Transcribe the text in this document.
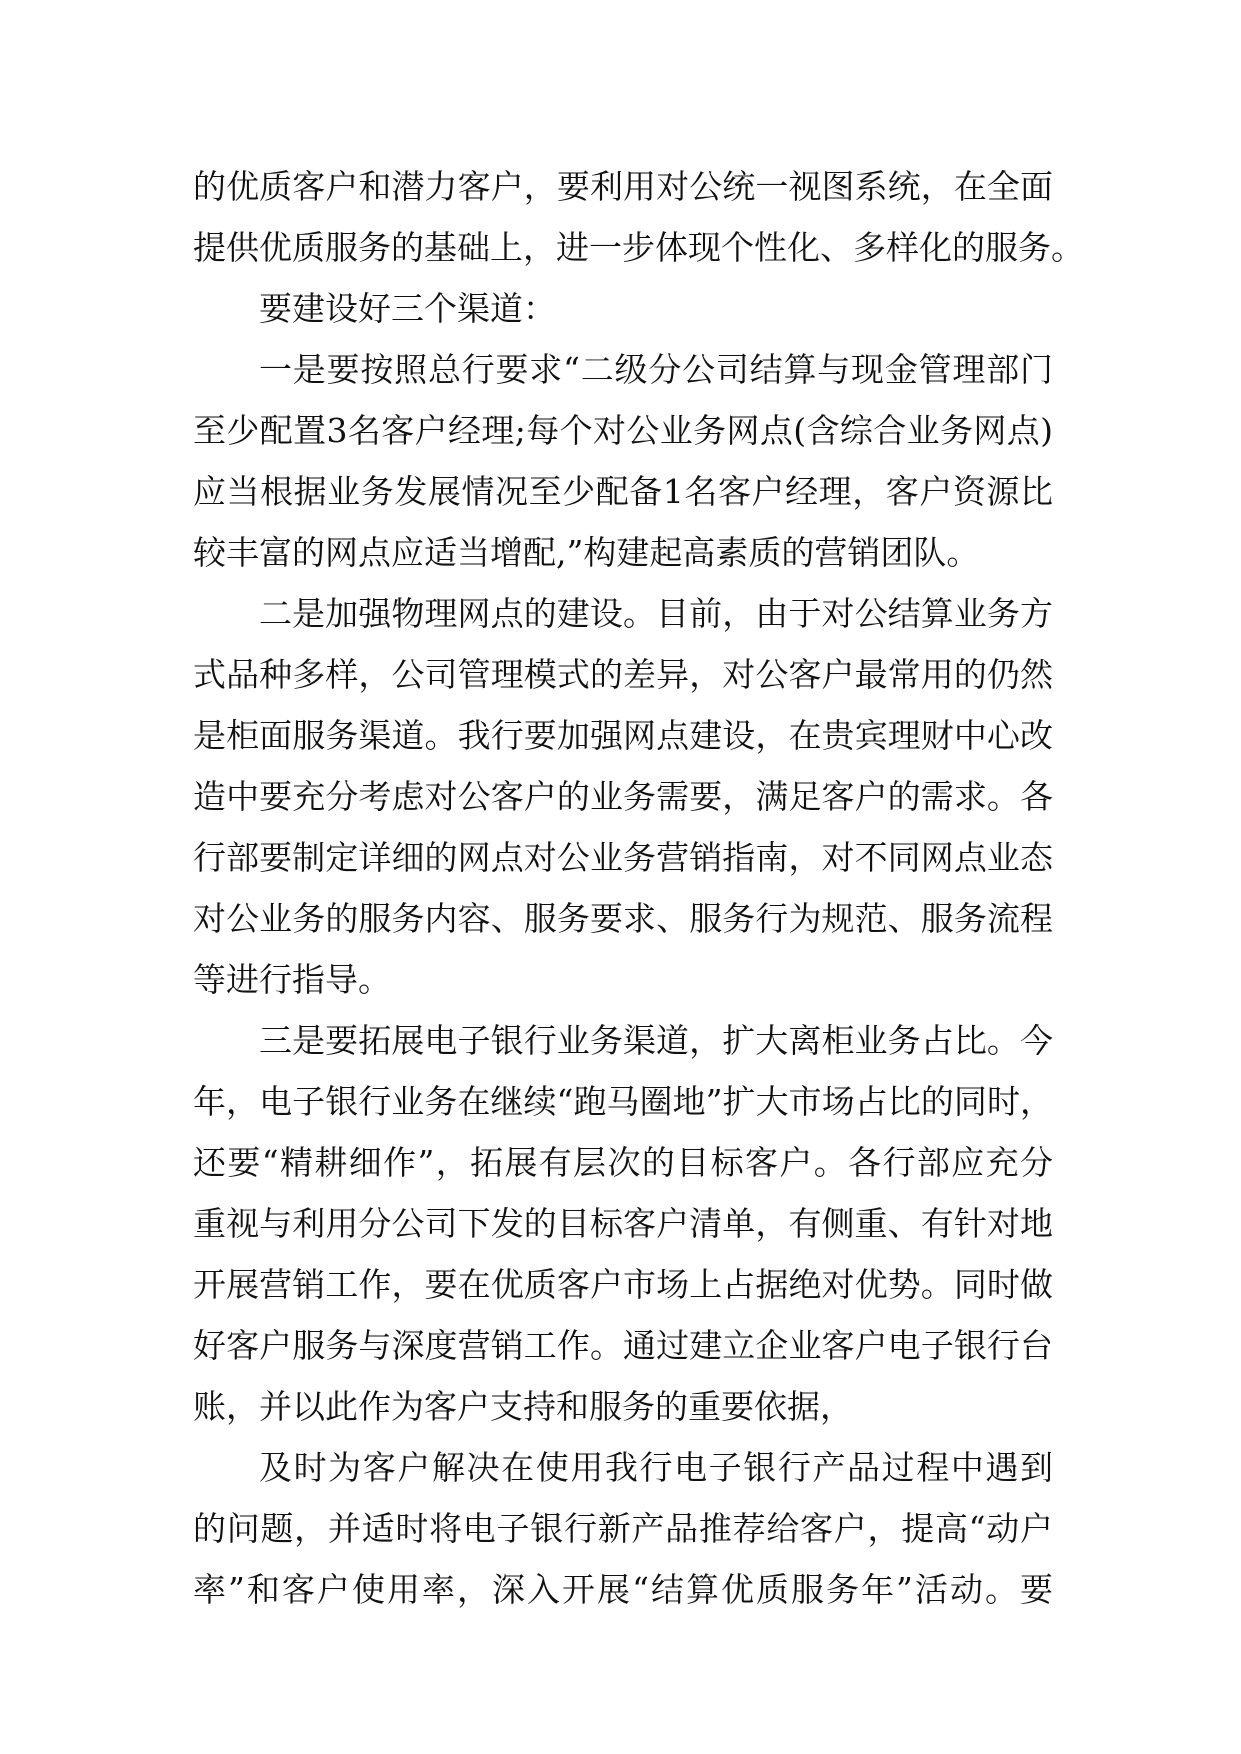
的优质客户和潜力客户，要利用对公统一视图系统，在全面
提供优质服务的基础上，进一步体现个性化、多样化的服务。
要建设好三个渠道：
一是要按照总行要求“二级分公司结算与现金管理部门
至少配置3名客户经理;每个对公业务网点(含综合业务网点)
应当根据业务发展情况至少配备1名客户经理，客户资源比
较丰富的网点应适当增配,”构建起高素质的营销团队。
二是加强物理网点的建设。目前，由于对公结算业务方
式品种多样，公司管理模式的差异，对公客户最常用的仍然
是柜面服务渠道。我行要加强网点建设，在贵宾理财中心改
造中要充分考虑对公客户的业务需要，满足客户的需求。各
行部要制定详细的网点对公业务营销指南，对不同网点业态
对公业务的服务内容、服务要求、服务行为规范、服务流程
等进行指导。
三是要拓展电子银行业务渠道，扩大离柜业务占比。今
年，电子银行业务在继续“跑马圈地”扩大市场占比的同时，
还要“精耕细作”，拓展有层次的目标客户。各行部应充分
重视与利用分公司下发的目标客户清单，有侧重、有针对地
开展营销工作，要在优质客户市场上占据绝对优势。同时做
好客户服务与深度营销工作。通过建立企业客户电子银行台
账，并以此作为客户支持和服务的重要依据，
及时为客户解决在使用我行电子银行产品过程中遇到
的问题，并适时将电子银行新产品推荐给客户，提高“动户
率”和客户使用率，深入开展“结算优质服务年”活动。要
